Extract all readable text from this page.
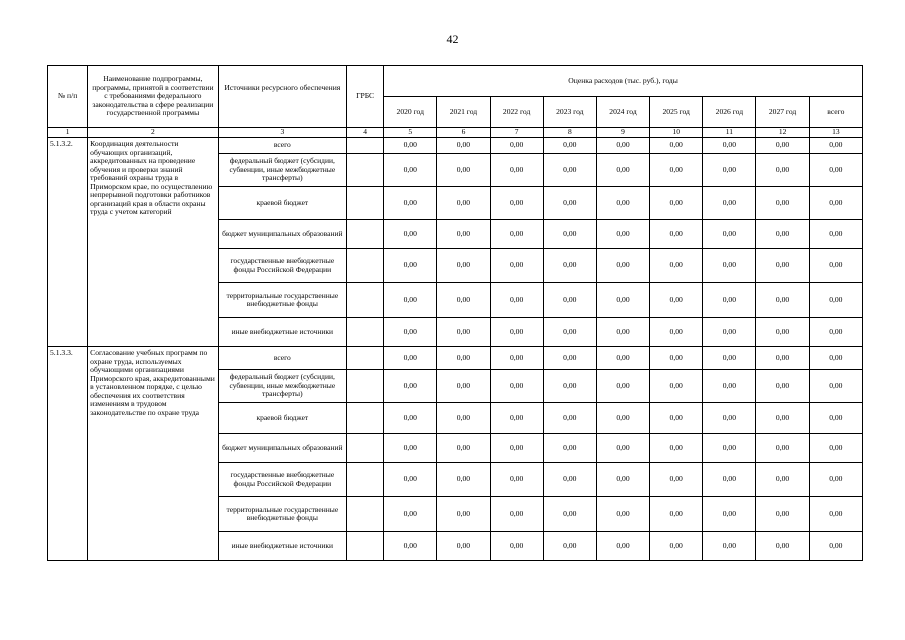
42
№ п/п	Наименование подпрограммы, программы, принятой в соответствии с требованиями федерального законодательства в сфере реализации государственной программы	Источники ресурсного обеспечения	ГРБС	Оценка расходов (тыс. руб.), годы								
				2020 год	2021 год	2022 год	2023 год	2024 год	2025 год	2026 год	2027 год	всего
1	2	3	4	5	6	7	8	9	10	11	12	13
5.1.3.2.	Координация деятельности обучающих организаций, аккредитованных на проведение обучения и проверки знаний требований охраны труда в Приморском крае, по осуществлению непрерывной подготовки работников организаций края в области охраны труда с учетом категорий	всего		0,00	0,00	0,00	0,00	0,00	0,00	0,00	0,00	0,00
		федеральный бюджет (субсидии, субвенции, иные межбюджетные трансферты)		0,00	0,00	0,00	0,00	0,00	0,00	0,00	0,00	0,00
		краевой бюджет		0,00	0,00	0,00	0,00	0,00	0,00	0,00	0,00	0,00
		бюджет муниципальных образований		0,00	0,00	0,00	0,00	0,00	0,00	0,00	0,00	0,00
		государственные внебюджетные фонды Российской Федерации		0,00	0,00	0,00	0,00	0,00	0,00	0,00	0,00	0,00
		территориальные государственные внебюджетные фонды		0,00	0,00	0,00	0,00	0,00	0,00	0,00	0,00	0,00
		иные внебюджетные источники		0,00	0,00	0,00	0,00	0,00	0,00	0,00	0,00	0,00
5.1.3.3.	Согласование учебных программ по охране труда, используемых обучающими организациями Приморского края, аккредитованными в установленном порядке, с целью обеспечения их соответствия изменениям в трудовом законодательстве по охране труда	всего		0,00	0,00	0,00	0,00	0,00	0,00	0,00	0,00	0,00
		федеральный бюджет (субсидии, субвенции, иные межбюджетные трансферты)		0,00	0,00	0,00	0,00	0,00	0,00	0,00	0,00	0,00
		краевой бюджет		0,00	0,00	0,00	0,00	0,00	0,00	0,00	0,00	0,00
		бюджет муниципальных образований		0,00	0,00	0,00	0,00	0,00	0,00	0,00	0,00	0,00
		государственные внебюджетные фонды Российской Федерации		0,00	0,00	0,00	0,00	0,00	0,00	0,00	0,00	0,00
		территориальные государственные внебюджетные фонды		0,00	0,00	0,00	0,00	0,00	0,00	0,00	0,00	0,00
		иные внебюджетные источники		0,00	0,00	0,00	0,00	0,00	0,00	0,00	0,00	0,00
